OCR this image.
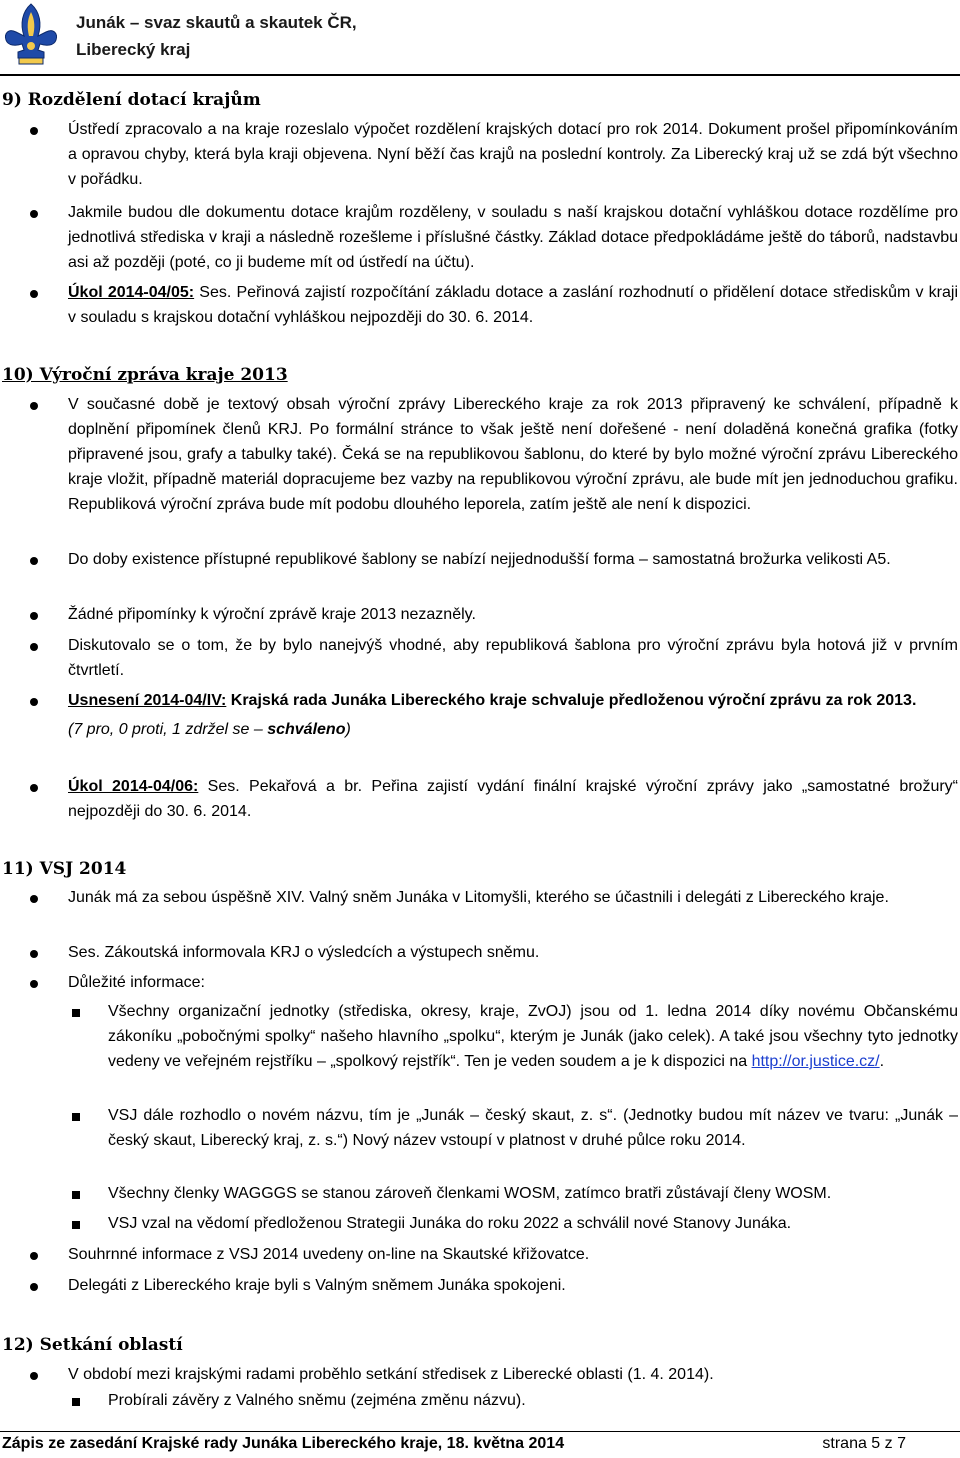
Junák – svaz skautů a skautek ČR,
Liberecký kraj
9) Rozdělení dotací krajům

Ústředí zpracovalo a na kraje rozeslalo výpočet rozdělení krajských dotací pro rok 2014. Dokument prošel připomínkováním a opravou chyby, která byla kraji objevena. Nyní běží čas krajů na poslední kontroly. Za Liberecký kraj už se zdá být všechno v pořádku.

Jakmile budou dle dokumentu dotace krajům rozděleny, v souladu s naší krajskou dotační vyhláškou dotace rozdělíme pro jednotlivá střediska v kraji a následně rozešleme i příslušné částky. Základ dotace předpokládáme ještě do táborů, nadstavbu asi až později (poté, co ji budeme mít od ústředí na účtu).

Úkol 2014-04/05: Ses. Peřinová zajistí rozpočítání základu dotace a zaslání rozhodnutí o přidělení dotace střediskům v kraji v souladu s krajskou dotační vyhláškou nejpozději do 30. 6. 2014.

10) Výroční zpráva kraje 2013

V současné době je textový obsah výroční zprávy Libereckého kraje za rok 2013 připravený ke schválení, případně k doplnění připomínek členů KRJ. Po formální stránce to však ještě není dořešené - není doladěná konečná grafika (fotky připravené jsou, grafy a tabulky také). Čeká se na republikovou šablonu, do které by bylo možné výroční zprávu Libereckého kraje vložit, případně materiál dopracujeme bez vazby na republikovou výroční zprávu, ale bude mít jen jednoduchou grafiku. Republiková výroční zpráva bude mít podobu dlouhého leporela, zatím ještě ale není k dispozici.

Do doby existence přístupné republikové šablony se nabízí nejjednodušší forma – samostatná brožurka velikosti A5.

Žádné připomínky k výroční zprávě kraje 2013 nezazněly.

Diskutovalo se o tom, že by bylo nanejvýš vhodné, aby republiková šablona pro výroční zprávu byla hotová již v prvním čtvrtletí.

Usnesení 2014-04/IV: Krajská rada Junáka Libereckého kraje schvaluje předloženou výroční zprávu za rok 2013.

(7 pro, 0 proti, 1 zdržel se – schváleno)

Úkol 2014-04/06: Ses. Pekařová a br. Peřina zajistí vydání finální krajské výroční zprávy jako „samostatné brožury“ nejpozději do 30. 6. 2014.

11) VSJ 2014

Junák má za sebou úspěšně XIV. Valný sněm Junáka v Litomyšli, kterého se účastnili i delegáti z Libereckého kraje.

Ses. Zákoutská informovala KRJ o výsledcích a výstupech sněmu.

Důležité informace:

Všechny organizační jednotky (střediska, okresy, kraje, ZvOJ) jsou od 1. ledna 2014 díky novému Občanskému zákoníku „pobočnými spolky“ našeho hlavního „spolku“, kterým je Junák (jako celek). A také jsou všechny tyto jednotky vedeny ve veřejném rejstříku – „spolkový rejstřík“. Ten je veden soudem a je k dispozici na http://or.justice.cz/.

VSJ dále rozhodlo o novém názvu, tím je „Junák – český skaut, z. s“. (Jednotky budou mít název ve tvaru: „Junák – český skaut, Liberecký kraj, z. s.“) Nový název vstoupí v platnost v druhé půlce roku 2014.

Všechny členky WAGGGS se stanou zároveň členkami WOSM, zatímco bratři zůstávají členy WOSM.

VSJ vzal na vědomí předloženou Strategii Junáka do roku 2022 a schválil nové Stanovy Junáka.

Souhrnné informace z VSJ 2014 uvedeny on-line na Skautské křižovatce.

Delegáti z Libereckého kraje byli s Valným sněmem Junáka spokojeni.

12) Setkání oblastí

V období mezi krajskými radami proběhlo setkání středisek z Liberecké oblasti (1. 4. 2014).

Probírali závěry z Valného sněmu (zejména změnu názvu).

Zápis ze zasedání Krajské rady Junáka Libereckého kraje, 18. května 2014	strana 5 z 7
